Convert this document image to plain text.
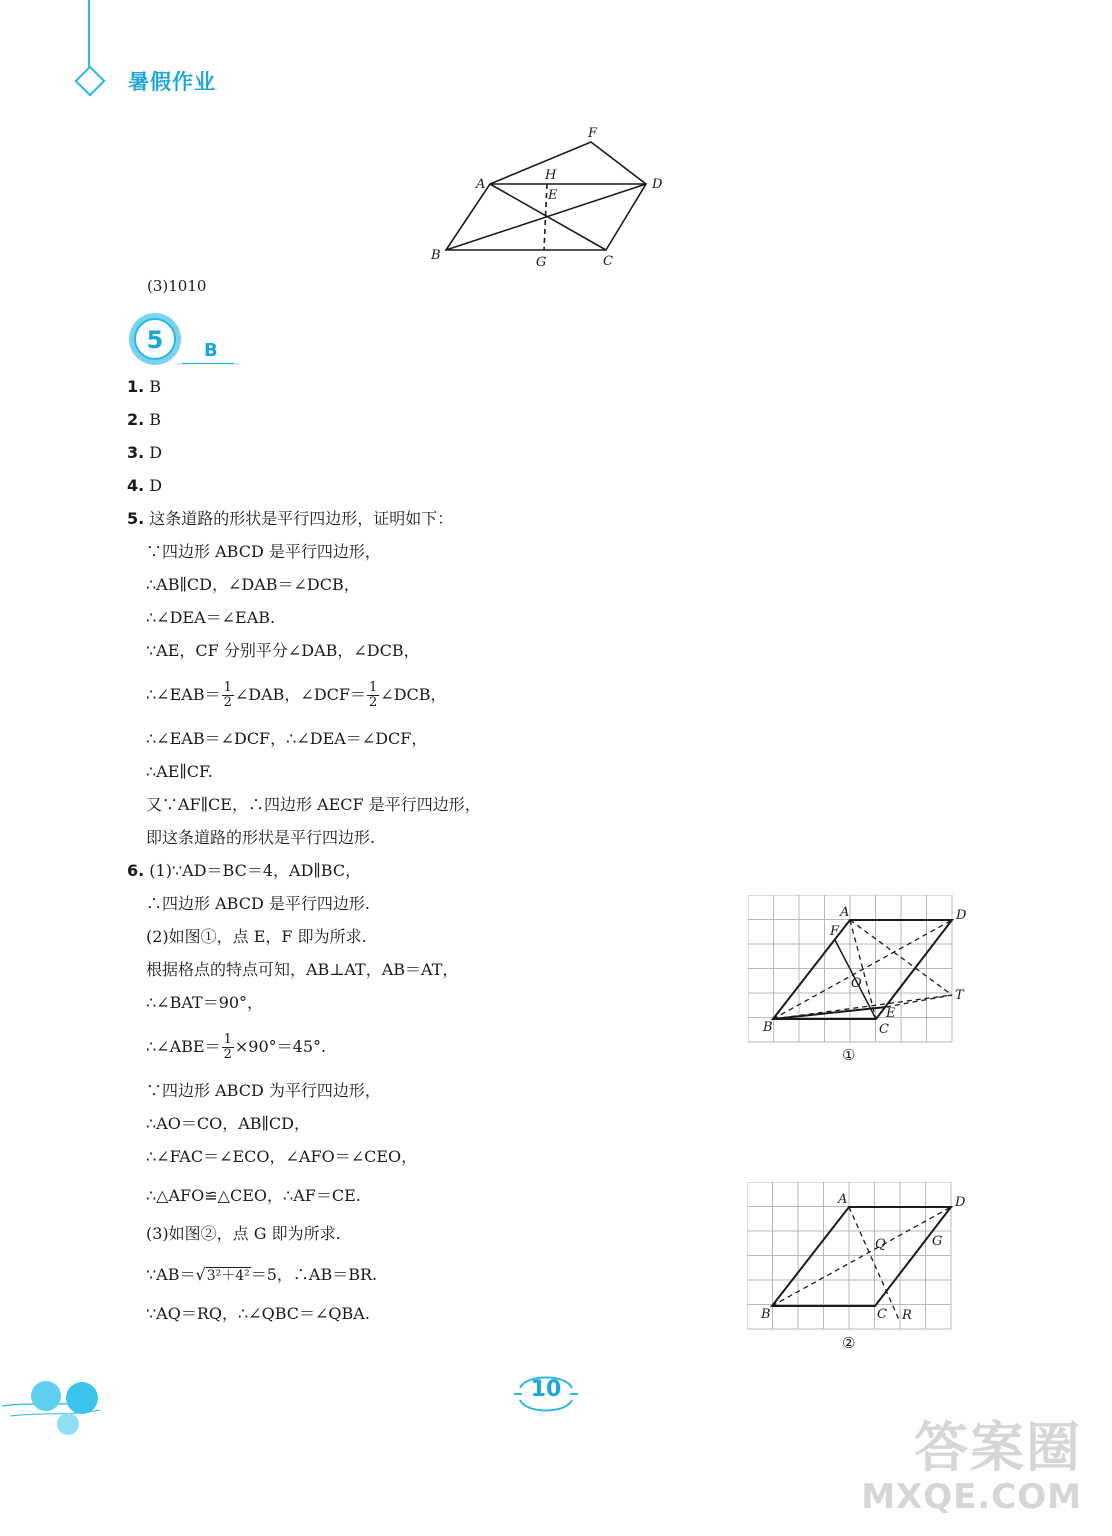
暑假作业
A	D
F
H
E
B	G	C
(3)1010
5 B
1. B
2. B
3. D
4. D
5. 这条道路的形状是平行四边形，证明如下：
∵四边形 ABCD 是平行四边形，
∴AB∥CD，∠DAB＝∠DCB，
∴∠DEA＝∠EAB.
∵AE，CF 分别平分∠DAB，∠DCB，
∴∠EAB＝ $\frac{1}{2}$ ∠DAB，∠DCF＝ $\frac{1}{2}$ ∠DCB，
∴∠EAB＝∠DCF，∴∠DEA＝∠DCF，
∴AE∥CF.
又∵AF∥CE，∴四边形 AECF 是平行四边形，
即这条道路的形状是平行四边形.
6. (1)∵AD＝BC＝4，AD∥BC，
∴四边形 ABCD 是平行四边形.
(2)如图①，点 E，F 即为所求.
根据格点的特点可知，AB⊥AT，AB＝AT，
∴∠BAT＝90°，
∴∠ABE＝ $\frac{1}{2} \times 90^\circ=45^\circ$.
∵四边形 ABCD 为平行四边形，
∴AO＝CO，AB∥CD，
∴∠FAC＝∠ECO，∠AFO＝∠CEO，
∴△AFO≌△CEO，∴AF＝CE.
(3)如图②，点 G 即为所求.
∵AB＝√3²＋4²＝5，∴AB＝BR.
∵AQ＝RQ，∴∠QBC＝∠QBA.
A	D
F
O
T
E
B	C
①
A	D
Q	G
B	C R
②
10
答案圈
MXQE.COM
